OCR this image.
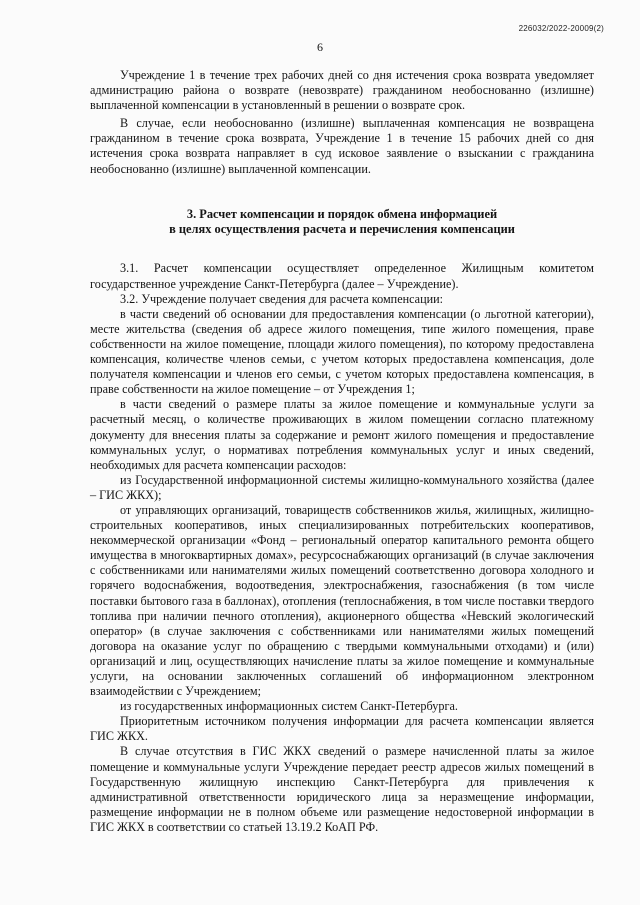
226032/2022-20009(2)
6

Учреждение 1 в течение трех рабочих дней со дня истечения срока возврата уведомляет администрацию района о возврате (невозврате) гражданином необоснованно (излишне) выплаченной компенсации в установленный в решении о возврате срок.

В случае, если необоснованно (излишне) выплаченная компенсация не возвращена гражданином в течение срока возврата, Учреждение 1 в течение 15 рабочих дней со дня истечения срока возврата направляет в суд исковое заявление о взыскании с гражданина необоснованно (излишне) выплаченной компенсации.

3. Расчет компенсации и порядок обмена информацией
в целях осуществления расчета и перечисления компенсации

3.1. Расчет компенсации осуществляет определенное Жилищным комитетом государственное учреждение Санкт-Петербурга (далее – Учреждение).

3.2. Учреждение получает сведения для расчета компенсации:

в части сведений об основании для предоставления компенсации (о льготной категории), месте жительства (сведения об адресе жилого помещения, типе жилого помещения, праве собственности на жилое помещение, площади жилого помещения), по которому предоставлена компенсация, количестве членов семьи, с учетом которых предоставлена компенсация, доле получателя компенсации и членов его семьи, с учетом которых предоставлена компенсация, в праве собственности на жилое помещение – от Учреждения 1;

в части сведений о размере платы за жилое помещение и коммунальные услуги за расчетный месяц, о количестве проживающих в жилом помещении согласно платежному документу для внесения платы за содержание и ремонт жилого помещения и предоставление коммунальных услуг, о нормативах потребления коммунальных услуг и иных сведений, необходимых для расчета компенсации расходов:

из Государственной информационной системы жилищно-коммунального хозяйства (далее – ГИС ЖКХ);

от управляющих организаций, товариществ собственников жилья, жилищных, жилищно-строительных кооперативов, иных специализированных потребительских кооперативов, некоммерческой организации «Фонд – региональный оператор капитального ремонта общего имущества в многоквартирных домах», ресурсоснабжающих организаций (в случае заключения с собственниками или нанимателями жилых помещений соответственно договора холодного и горячего водоснабжения, водоотведения, электроснабжения, газоснабжения (в том числе поставки бытового газа в баллонах), отопления (теплоснабжения, в том числе поставки твердого топлива при наличии печного отопления), акционерного общества «Невский экологический оператор» (в случае заключения с собственниками или нанимателями жилых помещений договора на оказание услуг по обращению с твердыми коммунальными отходами) и (или) организаций и лиц, осуществляющих начисление платы за жилое помещение и коммунальные услуги, на основании заключенных соглашений об информационном электронном взаимодействии с Учреждением;

из государственных информационных систем Санкт-Петербурга.

Приоритетным источником получения информации для расчета компенсации является ГИС ЖКХ.

В случае отсутствия в ГИС ЖКХ сведений о размере начисленной платы за жилое помещение и коммунальные услуги Учреждение передает реестр адресов жилых помещений в Государственную жилищную инспекцию Санкт-Петербурга для привлечения к административной ответственности юридического лица за неразмещение информации, размещение информации не в полном объеме или размещение недостоверной информации в ГИС ЖКХ в соответствии со статьей 13.19.2 КоАП РФ.
